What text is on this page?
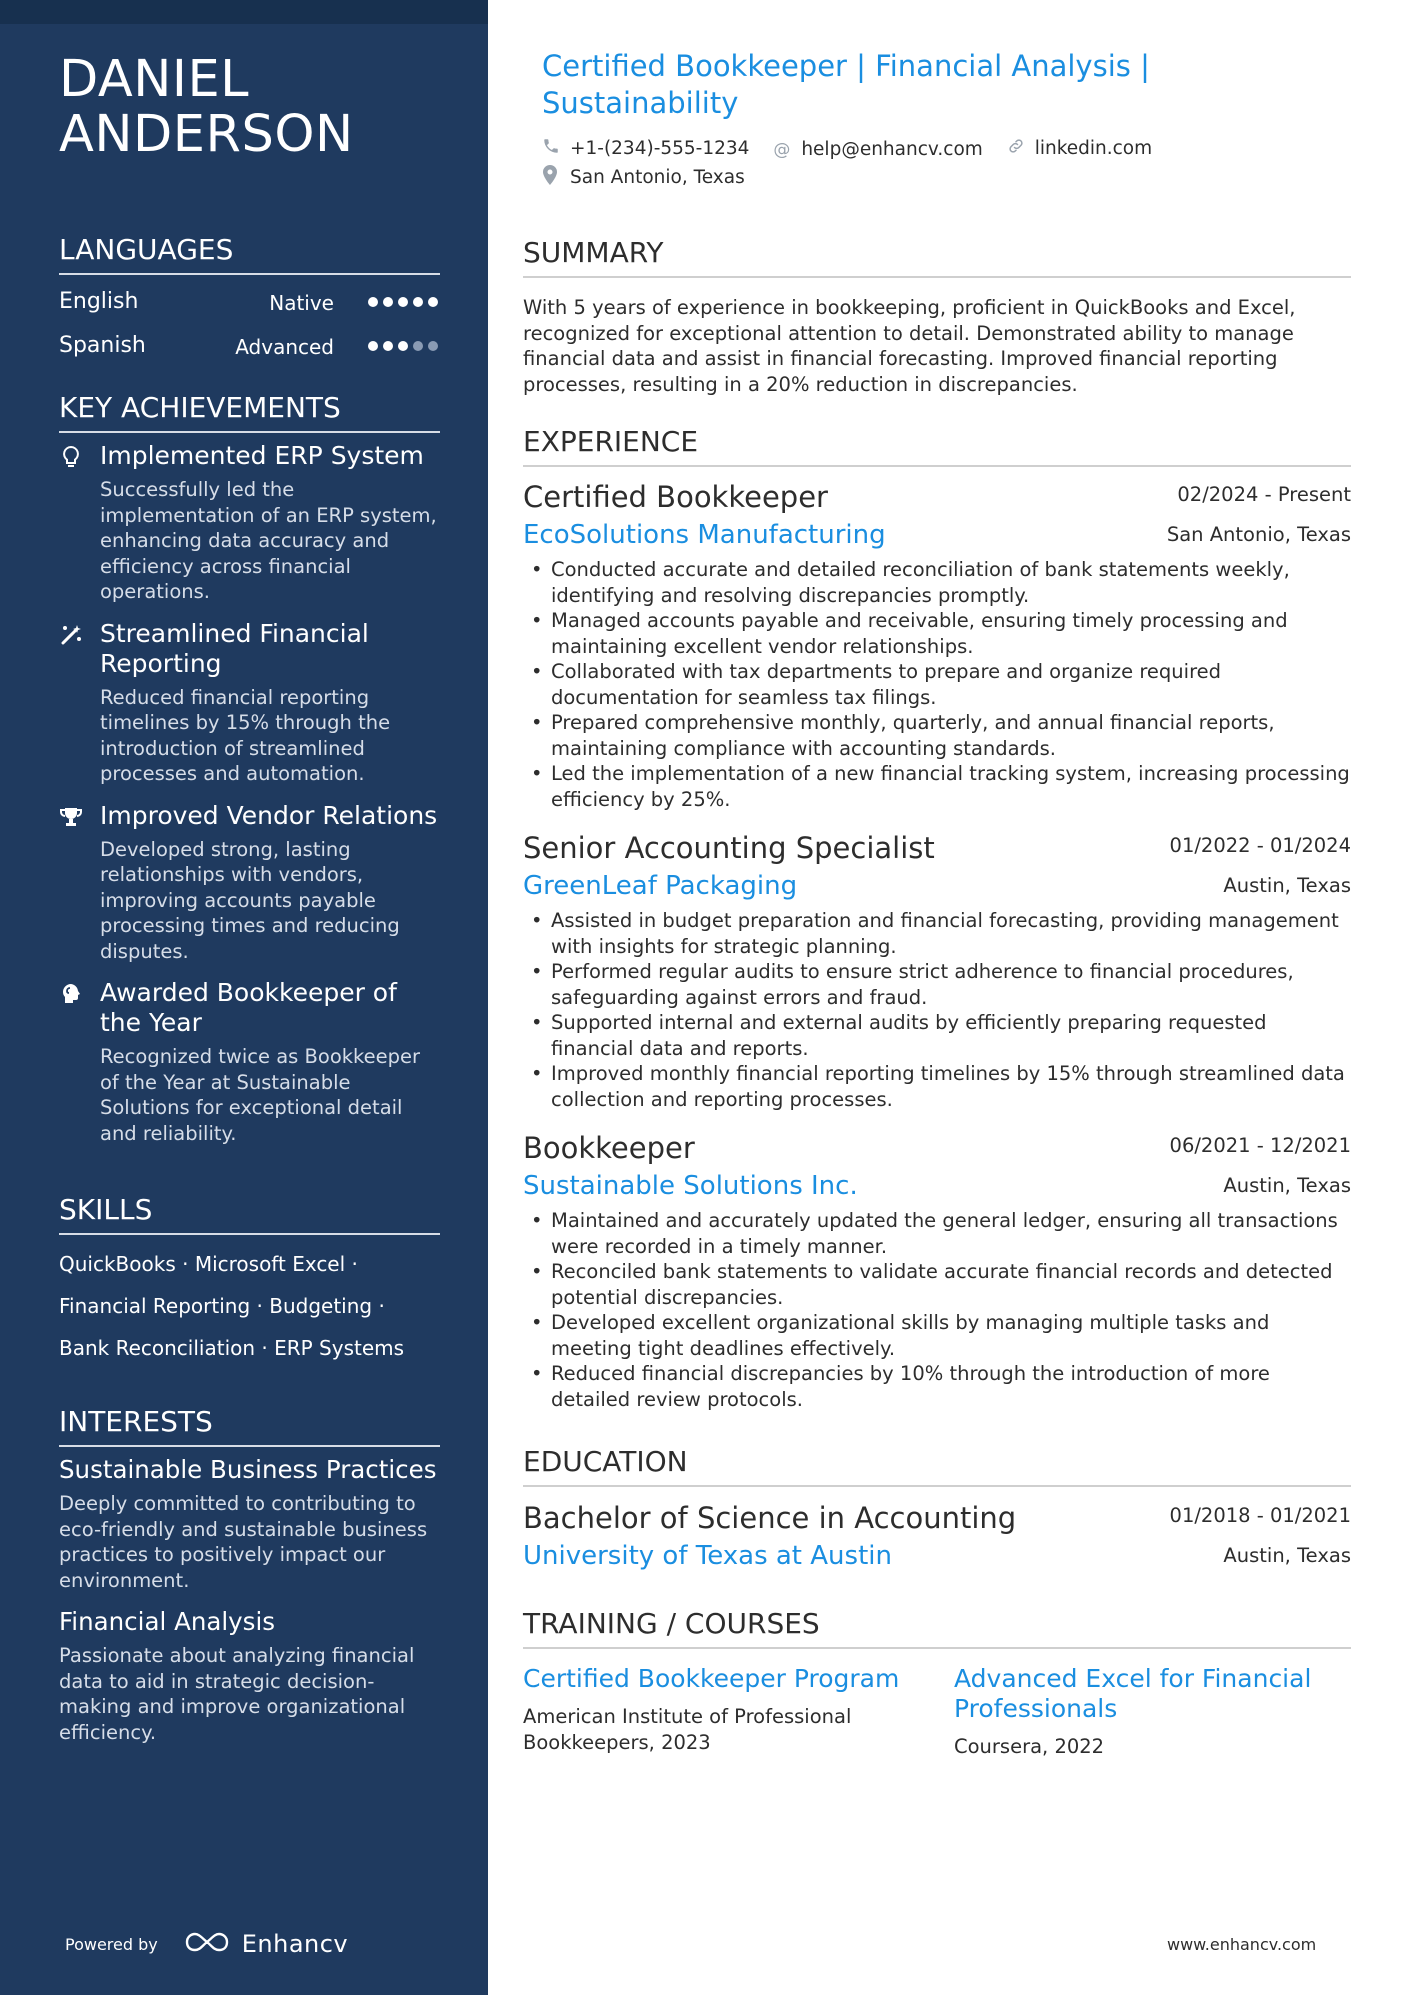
DANIEL
ANDERSON
LANGUAGES
English	Native
Spanish	Advanced
KEY ACHIEVEMENTS
Implemented ERP System
Successfully led the implementation of an ERP system, enhancing data accuracy and efficiency across financial operations.
Streamlined Financial Reporting
Reduced financial reporting timelines by 15% through the introduction of streamlined processes and automation.
Improved Vendor Relations
Developed strong, lasting relationships with vendors, improving accounts payable processing times and reducing disputes.
Awarded Bookkeeper of the Year
Recognized twice as Bookkeeper of the Year at Sustainable Solutions for exceptional detail and reliability.
SKILLS
QuickBooks · Microsoft Excel ·
Financial Reporting · Budgeting ·
Bank Reconciliation · ERP Systems
INTERESTS
Sustainable Business Practices
Deeply committed to contributing to eco-friendly and sustainable business practices to positively impact our environment.
Financial Analysis
Passionate about analyzing financial data to aid in strategic decision-making and improve organizational efficiency.
Powered by	Enhancv
Certified Bookkeeper | Financial Analysis | Sustainability
+1-(234)-555-1234
@ help@enhancv.com
	linkedin.com
San Antonio, Texas
SUMMARY

With 5 years of experience in bookkeeping, proficient in QuickBooks and Excel, recognized for exceptional attention to detail. Demonstrated ability to manage financial data and assist in financial forecasting. Improved financial reporting processes, resulting in a 20% reduction in discrepancies.

EXPERIENCE
Certified Bookkeeper	02/2024 - Present
EcoSolutions Manufacturing	San Antonio, Texas
• Conducted accurate and detailed reconciliation of bank statements weekly, identifying and resolving discrepancies promptly.
• Managed accounts payable and receivable, ensuring timely processing and maintaining excellent vendor relationships.
• Collaborated with tax departments to prepare and organize required documentation for seamless tax filings.
• Prepared comprehensive monthly, quarterly, and annual financial reports, maintaining compliance with accounting standards.
• Led the implementation of a new financial tracking system, increasing processing efficiency by 25%.
Senior Accounting Specialist	01/2022 - 01/2024
GreenLeaf Packaging	Austin, Texas
• Assisted in budget preparation and financial forecasting, providing management with insights for strategic planning.
• Performed regular audits to ensure strict adherence to financial procedures, safeguarding against errors and fraud.
• Supported internal and external audits by efficiently preparing requested financial data and reports.
• Improved monthly financial reporting timelines by 15% through streamlined data collection and reporting processes.
Bookkeeper	06/2021 - 12/2021
Sustainable Solutions Inc.	Austin, Texas
• Maintained and accurately updated the general ledger, ensuring all transactions were recorded in a timely manner.
• Reconciled bank statements to validate accurate financial records and detected potential discrepancies.
• Developed excellent organizational skills by managing multiple tasks and meeting tight deadlines effectively.
• Reduced financial discrepancies by 10% through the introduction of more detailed review protocols.
EDUCATION
Bachelor of Science in Accounting	01/2018 - 01/2021
University of Texas at Austin	Austin, Texas
TRAINING / COURSES
Certified Bookkeeper Program
American Institute of Professional Bookkeepers, 2023
Advanced Excel for Financial Professionals
Coursera, 2022
www.enhancv.com
